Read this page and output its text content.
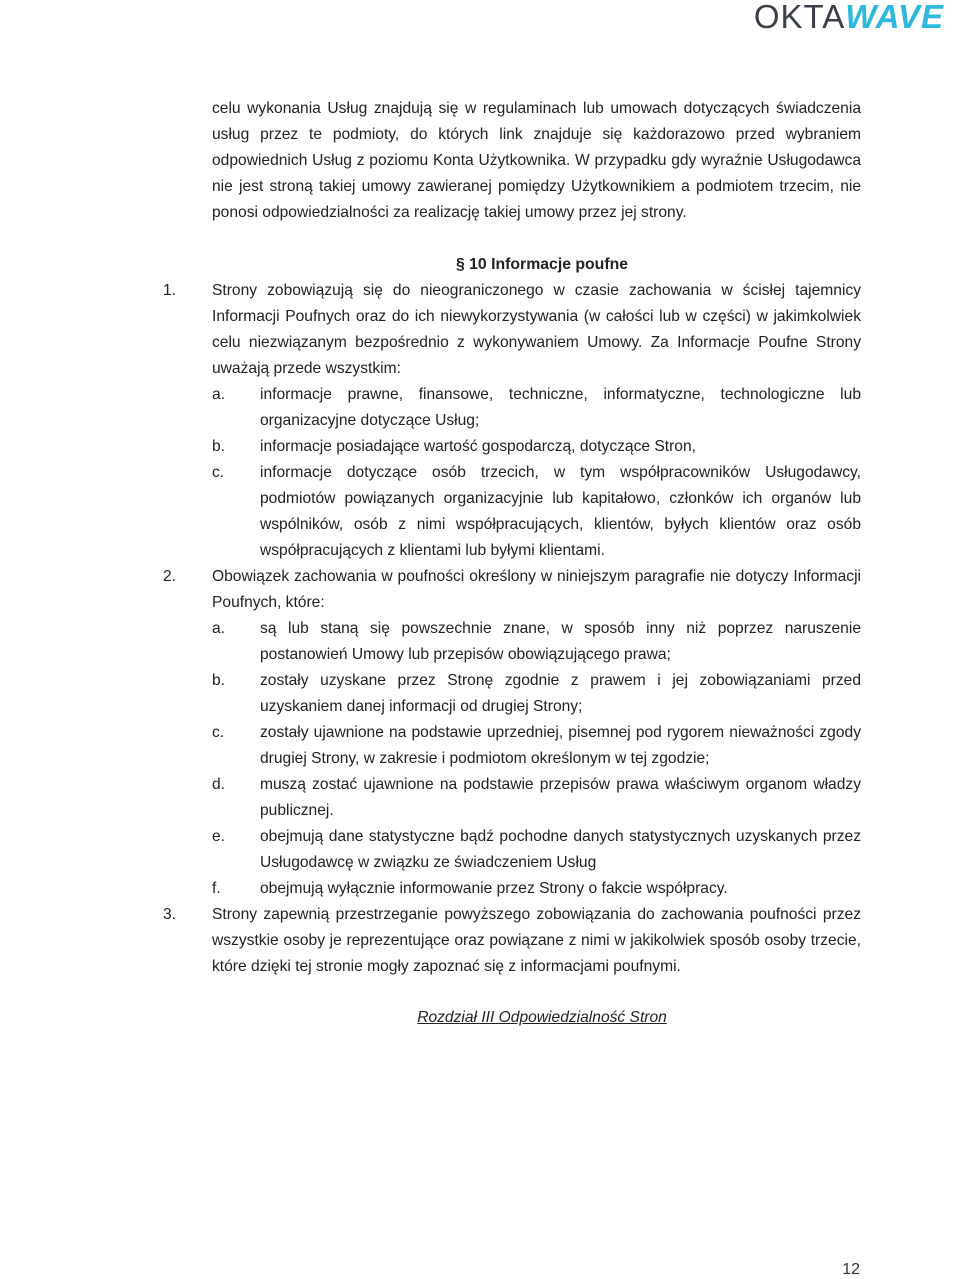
OKTAWAVE
celu wykonania Usług znajdują się w regulaminach lub umowach dotyczących świadczenia usług przez te podmioty, do których link znajduje się każdorazowo przed wybraniem odpowiednich Usług z poziomu Konta Użytkownika. W przypadku gdy wyraźnie Usługodawca nie jest stroną takiej umowy zawieranej pomiędzy Użytkownikiem a podmiotem trzecim, nie ponosi odpowiedzialności za realizację takiej umowy przez jej strony.
§ 10 Informacje poufne
1.	Strony zobowiązują się do nieograniczonego w czasie zachowania w ścisłej tajemnicy Informacji Poufnych oraz do ich niewykorzystywania (w całości lub w części) w jakimkolwiek celu niezwiązanym bezpośrednio z wykonywaniem Umowy. Za Informacje Poufne Strony uważają przede wszystkim:
a.	informacje prawne, finansowe, techniczne, informatyczne, technologiczne lub organizacyjne dotyczące Usług;
b.	informacje posiadające wartość gospodarczą, dotyczące Stron,
c.	informacje dotyczące osób trzecich, w tym współpracowników Usługodawcy, podmiotów powiązanych organizacyjnie lub kapitałowo, członków ich organów lub wspólników, osób z nimi współpracujących, klientów, byłych klientów oraz osób współpracujących z klientami lub byłymi klientami.
2.	Obowiązek zachowania w poufności określony w niniejszym paragrafie nie dotyczy Informacji Poufnych, które:
a.	są lub staną się powszechnie znane, w sposób inny niż poprzez naruszenie postanowień Umowy lub przepisów obowiązującego prawa;
b.	zostały uzyskane przez Stronę zgodnie z prawem i jej zobowiązaniami przed uzyskaniem danej informacji od drugiej Strony;
c.	zostały ujawnione na podstawie uprzedniej, pisemnej pod rygorem nieważności zgody drugiej Strony, w zakresie i podmiotom określonym w tej zgodzie;
d.	muszą zostać ujawnione na podstawie przepisów prawa właściwym organom władzy publicznej.
e.	obejmują dane statystyczne bądź pochodne danych statystycznych uzyskanych przez Usługodawcę w związku ze świadczeniem Usług
f.	obejmują wyłącznie informowanie przez Strony o fakcie współpracy.
3.	Strony zapewnią przestrzeganie powyższego zobowiązania do zachowania poufności przez wszystkie osoby je reprezentujące oraz powiązane z nimi w jakikolwiek sposób osoby trzecie, które dzięki tej stronie mogły zapoznać się z informacjami poufnymi.
Rozdział III Odpowiedzialność Stron
12
